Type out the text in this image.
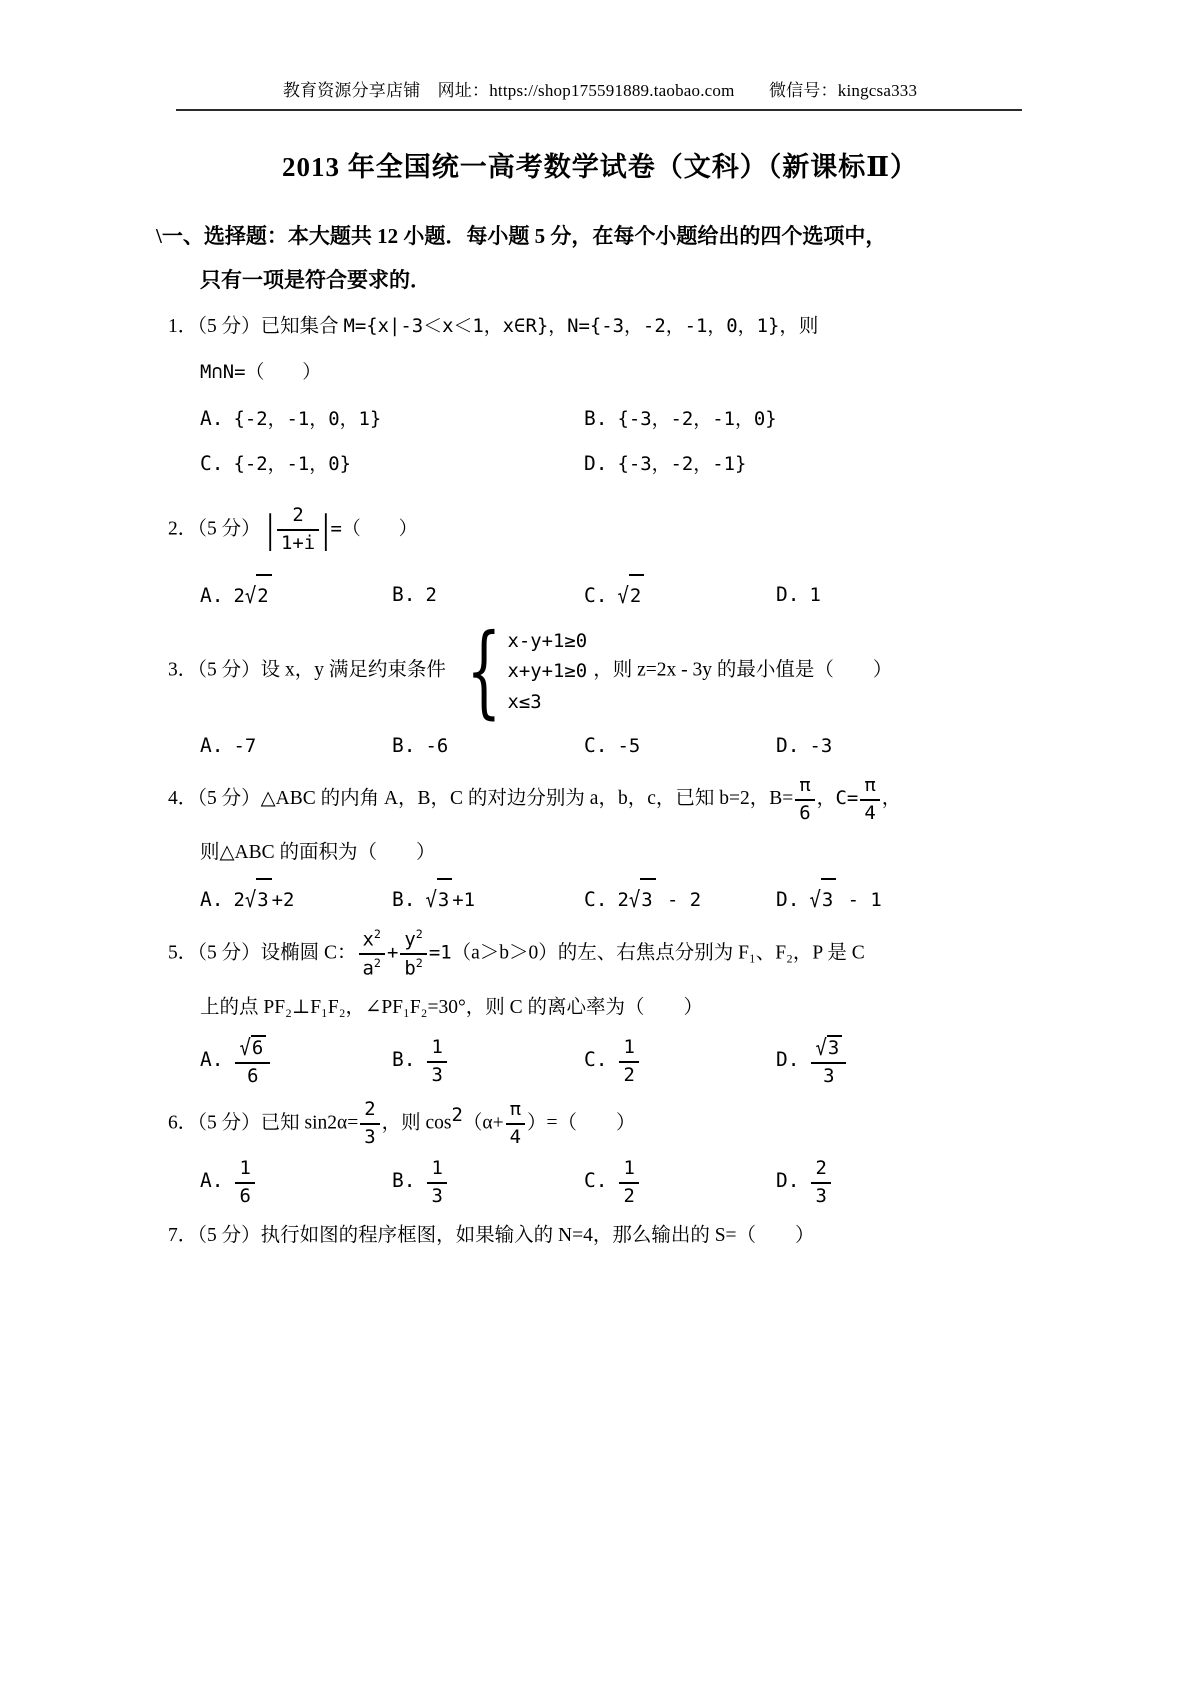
教育资源分享店铺　网址：https://shop175591889.taobao.com　　微信号：kingcsa333
2013 年全国统一高考数学试卷（文科）（新课标Ⅱ）
\一、选择题：本大题共 12 小题．每小题 5 分，在每个小题给出的四个选项中，
只有一项是符合要求的．
1．（5 分）已知集合 M={x|-3＜x＜1，x∈R}，N={-3，-2，-1，0，1}，则
M∩N=（　　）
A. {-2，-1，0，1}	B. {-3，-2，-1，0}
C. {-2，-1，0}	D. {-3，-2，-1}
2．（5 分） | $\frac{2}{1+i}$ |=（　　）
A. 2√2	B. 2	C. √2	D. 1
3．（5 分）设 x，y 满足约束条件 { x-y+1≥0
x+y+1≥0
x≤3
，则 z=2x - 3y 的最小值是（　　）
A. -7	B. -6	C. -5	D. -3
4．（5 分）△ABC 的内角 A，B，C 的对边分别为 a，b，c，已知 b=2，$B= \frac{\pi}{6}$ ，$C= \frac{\pi}{4}$ ，
则△ABC 的面积为（　　）
A. 2√3 +2	B. √3 +1	C. 2√3 - 2	D. √3 - 1
5．（5 分）设椭圆 C： $\frac{x^2}{a^2} + \frac{y^2}{b^2} =1(a>b>0)$的左、右焦点分别为 F₁、F₂，P 是 C
上的点 PF₂⊥F₁F₂，∠PF₁F₂=30°，则 C 的离心率为（　　）
A. $\frac{√6}{6}$	B. $\frac{1}{3}$	C. $\frac{1}{2}$	D. $\frac{√3}{3}$
6．（5 分）已知 $\sin 2\alpha= \frac{2}{3}$ ，则 $\cos^2(\alpha+ \frac{\pi}{4}$ ）=（　　）
A. $\frac{1}{6}$	B. $\frac{1}{3}$	C. $\frac{1}{2}$	D. $\frac{2}{3}$
7．（5 分）执行如图的程序框图，如果输入的 N=4，那么输出的 S=（　　）
